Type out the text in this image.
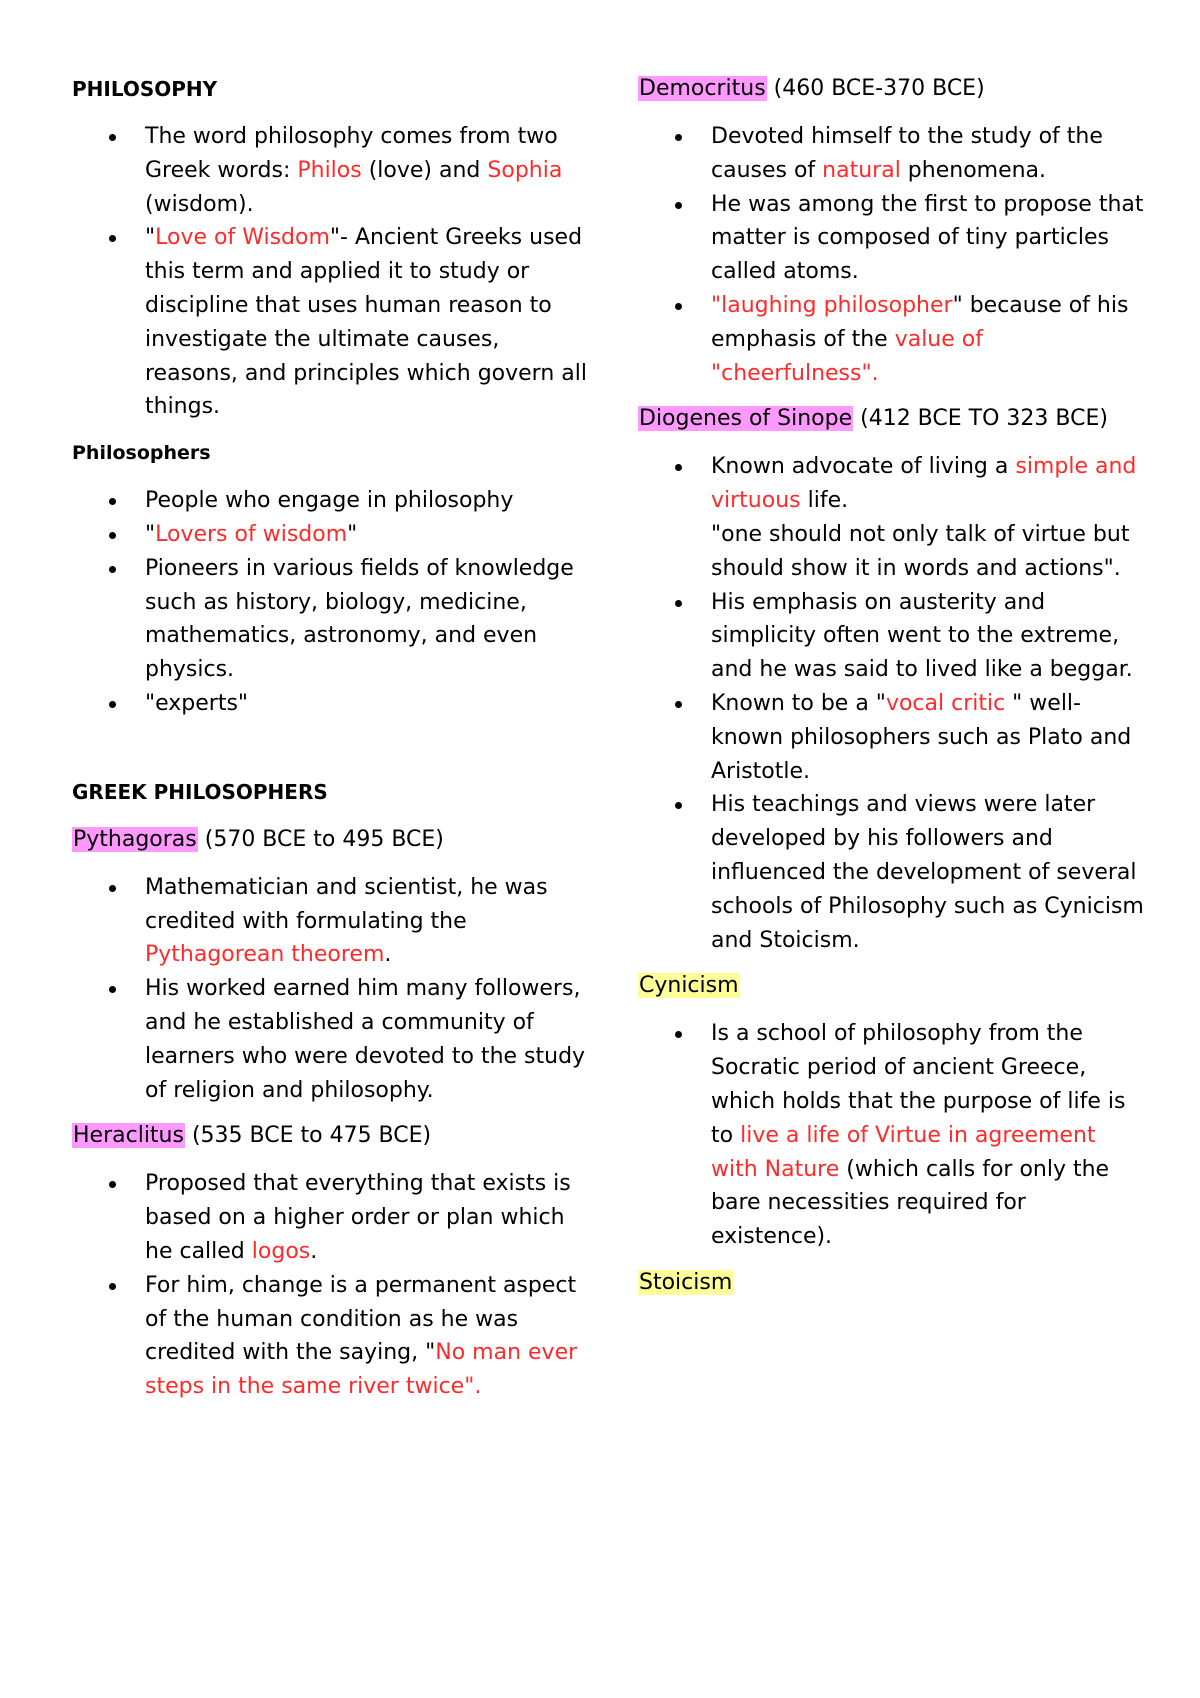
PHILOSOPHY
The word philosophy comes from two Greek words: Philos (love) and Sophia (wisdom).
"Love of Wisdom"- Ancient Greeks used this term and applied it to study or discipline that uses human reason to investigate the ultimate causes, reasons, and principles which govern all things.
Philosophers
People who engage in philosophy
"Lovers of wisdom"
Pioneers in various fields of knowledge such as history, biology, medicine, mathematics, astronomy, and even physics.
"experts"
GREEK PHILOSOPHERS
Pythagoras (570 BCE to 495 BCE)
Mathematician and scientist, he was credited with formulating the Pythagorean theorem.
His worked earned him many followers, and he established a community of learners who were devoted to the study of religion and philosophy.
Heraclitus (535 BCE to 475 BCE)
Proposed that everything that exists is based on a higher order or plan which he called logos.
For him, change is a permanent aspect of the human condition as he was credited with the saying, "No man ever steps in the same river twice".
Democritus (460 BCE-370 BCE)
Devoted himself to the study of the causes of natural phenomena.
He was among the first to propose that matter is composed of tiny particles called atoms.
"laughing philosopher" because of his emphasis of the value of "cheerfulness".
Diogenes of Sinope (412 BCE TO 323 BCE)
Known advocate of living a simple and virtuous life.
"one should not only talk of virtue but should show it in words and actions".
His emphasis on austerity and simplicity often went to the extreme, and he was said to lived like a beggar.
Known to be a "vocal critic " well-known philosophers such as Plato and Aristotle.
His teachings and views were later developed by his followers and influenced the development of several schools of Philosophy such as Cynicism and Stoicism.
Cynicism
Is a school of philosophy from the Socratic period of ancient Greece, which holds that the purpose of life is to live a life of Virtue in agreement with Nature (which calls for only the bare necessities required for existence).
Stoicism
